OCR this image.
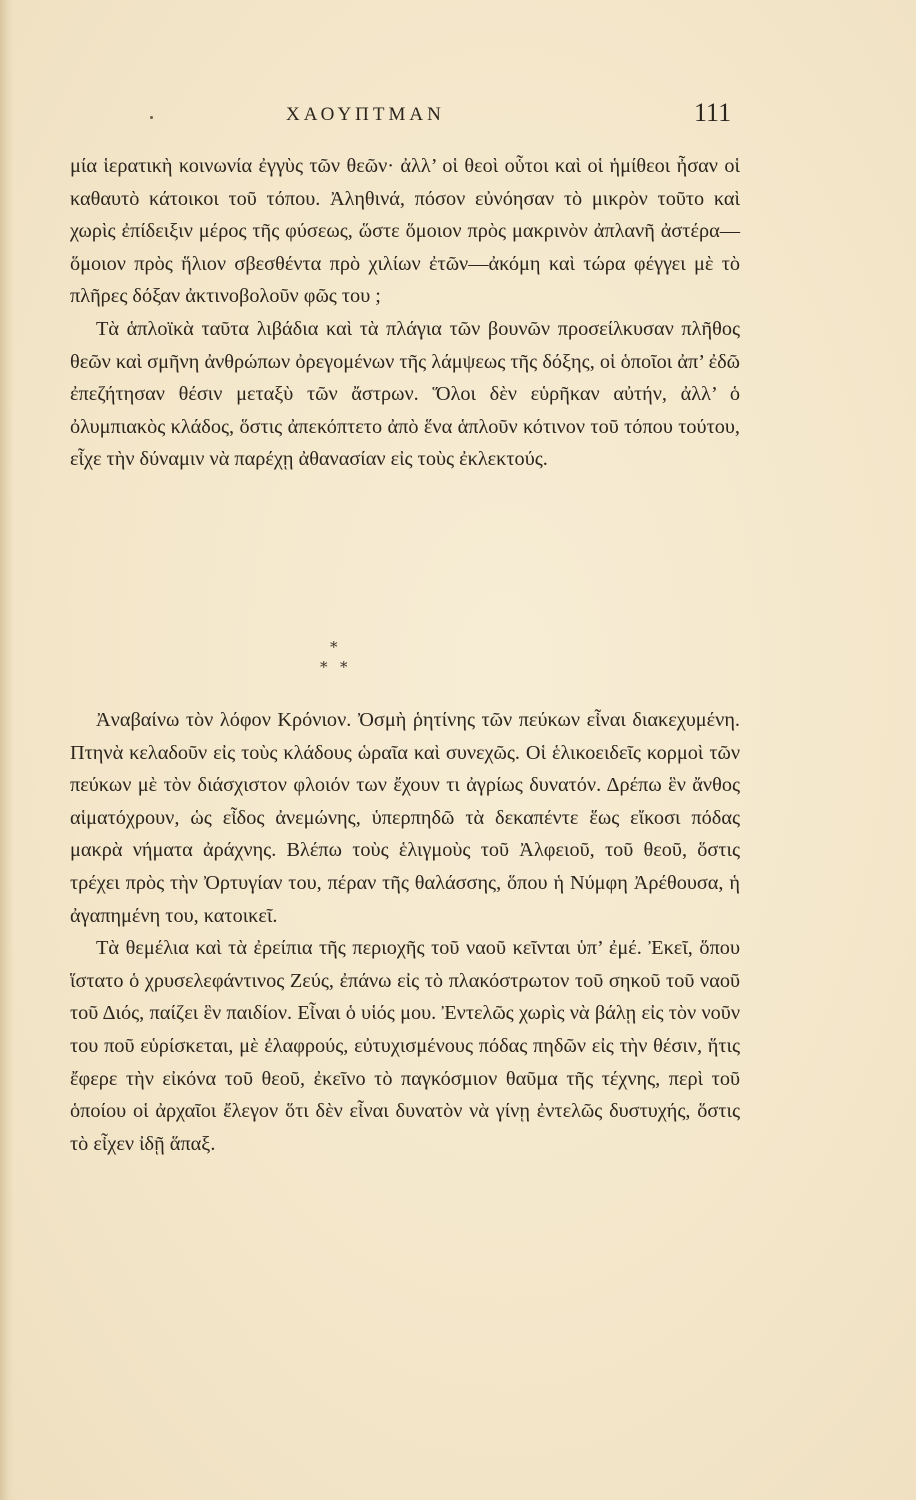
ΧΑΟΥΠΤΜΑΝ	111

μία ἱερατικὴ κοινωνία ἐγγὺς τῶν θεῶν· ἀλλ’ οἱ θεοὶ οὗτοι καὶ οἱ ἡμίθεοι ἦσαν οἱ καθαυτὸ κάτοικοι τοῦ τόπου. Ἀληθινά, πόσον εὐνόησαν τὸ μικρὸν τοῦτο καὶ χωρὶς ἐπίδειξιν μέρος τῆς φύσεως, ὥστε ὅμοιον πρὸς μακρινὸν ἀπλανῆ ἀστέρα—ὅμοιον πρὸς ἥλιον σβεσθέντα πρὸ χιλίων ἐτῶν—ἀκόμη καὶ τώρα φέγγει μὲ τὸ πλῆρες δόξαν ἀκτινοβολοῦν φῶς του ;

Τὰ ἁπλοϊκὰ ταῦτα λιβάδια καὶ τὰ πλάγια τῶν βουνῶν προσείλκυσαν πλῆθος θεῶν καὶ σμῆνη ἀνθρώπων ὀρεγομένων τῆς λάμψεως τῆς δόξης, οἱ ὁποῖοι ἀπ’ ἐδῶ ἐπεζήτησαν θέσιν μεταξὺ τῶν ἄστρων. Ὅλοι δὲν εὑρῆκαν αὐτήν, ἀλλ’ ὁ ὀλυμπιακὸς κλάδος, ὅστις ἀπεκόπτετο ἀπὸ ἕνα ἁπλοῦν κότινον τοῦ τόπου τούτου, εἶχε τὴν δύναμιν νὰ παρέχῃ ἀθανασίαν εἰς τοὺς ἐκλεκτούς.

*
* *

Ἀναβαίνω τὸν λόφον Κρόνιον. Ὀσμὴ ῥητίνης τῶν πεύκων εἶναι διακεχυμένη. Πτηνὰ κελαδοῦν εἰς τοὺς κλάδους ὡραῖα καὶ συνεχῶς. Οἱ ἑλικοειδεῖς κορμοὶ τῶν πεύκων μὲ τὸν διάσχιστον φλοιόν των ἔχουν τι ἀγρίως δυνατόν. Δρέπω ἓν ἄνθος αἱματόχρουν, ὡς εἶδος ἀνεμώνης, ὑπερπηδῶ τὰ δεκαπέντε ἕως εἴκοσι πόδας μακρὰ νήματα ἀράχνης. Βλέπω τοὺς ἑλιγμοὺς τοῦ Ἀλφειοῦ, τοῦ θεοῦ, ὅστις τρέχει πρὸς τὴν Ὀρτυγίαν του, πέραν τῆς θαλάσσης, ὅπου ἡ Νύμφη Ἀρέθουσα, ἡ ἀγαπημένη του, κατοικεῖ.

Τὰ θεμέλια καὶ τὰ ἐρείπια τῆς περιοχῆς τοῦ ναοῦ κεῖνται ὑπ’ ἐμέ. Ἐκεῖ, ὅπου ἵστατο ὁ χρυσελεφάντινος Ζεύς, ἐπάνω εἰς τὸ πλακόστρωτον τοῦ σηκοῦ τοῦ ναοῦ τοῦ Διός, παίζει ἓν παιδίον. Εἶναι ὁ υἱός μου. Ἐντελῶς χωρὶς νὰ βάλῃ εἰς τὸν νοῦν του ποῦ εὑρίσκεται, μὲ ἐλαφρούς, εὐτυχισμένους πόδας πηδῶν εἰς τὴν θέσιν, ἥτις ἔφερε τὴν εἰκόνα τοῦ θεοῦ, ἐκεῖνο τὸ παγκόσμιον θαῦμα τῆς τέχνης, περὶ τοῦ ὁποίου οἱ ἀρχαῖοι ἔλεγον ὅτι δὲν εἶναι δυνατὸν νὰ γίνῃ ἐντελῶς δυστυχής, ὅστις τὸ εἶχεν ἰδῇ ἅπαξ.
